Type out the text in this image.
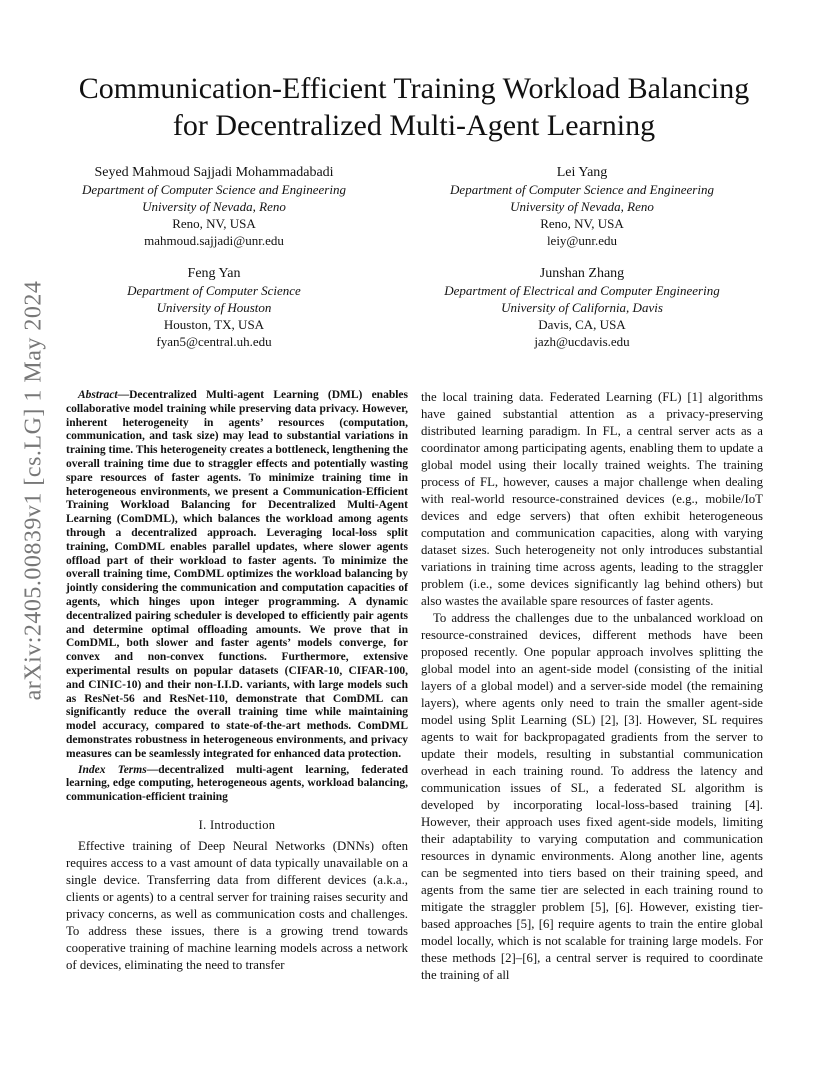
arXiv:2405.00839v1 [cs.LG] 1 May 2024
Communication-Efficient Training Workload Balancing for Decentralized Multi-Agent Learning
Seyed Mahmoud Sajjadi Mohammadabadi
Department of Computer Science and Engineering
University of Nevada, Reno
Reno, NV, USA
mahmoud.sajjadi@unr.edu
Lei Yang
Department of Computer Science and Engineering
University of Nevada, Reno
Reno, NV, USA
leiy@unr.edu
Feng Yan
Department of Computer Science
University of Houston
Houston, TX, USA
fyan5@central.uh.edu
Junshan Zhang
Department of Electrical and Computer Engineering
University of California, Davis
Davis, CA, USA
jazh@ucdavis.edu

Abstract—Decentralized Multi-agent Learning (DML) enables collaborative model training while preserving data privacy. However, inherent heterogeneity in agents’ resources (computation, communication, and task size) may lead to substantial variations in training time. This heterogeneity creates a bottleneck, lengthening the overall training time due to straggler effects and potentially wasting spare resources of faster agents. To minimize training time in heterogeneous environments, we present a Communication-Efficient Training Workload Balancing for Decentralized Multi-Agent Learning (ComDML), which balances the workload among agents through a decentralized approach. Leveraging local-loss split training, ComDML enables parallel updates, where slower agents offload part of their workload to faster agents. To minimize the overall training time, ComDML optimizes the workload balancing by jointly considering the communication and computation capacities of agents, which hinges upon integer programming. A dynamic decentralized pairing scheduler is developed to efficiently pair agents and determine optimal offloading amounts. We prove that in ComDML, both slower and faster agents’ models converge, for convex and non-convex functions. Furthermore, extensive experimental results on popular datasets (CIFAR-10, CIFAR-100, and CINIC-10) and their non-I.I.D. variants, with large models such as ResNet-56 and ResNet-110, demonstrate that ComDML can significantly reduce the overall training time while maintaining model accuracy, compared to state-of-the-art methods. ComDML demonstrates robustness in heterogeneous environments, and privacy measures can be seamlessly integrated for enhanced data protection.

Index Terms—decentralized multi-agent learning, federated learning, edge computing, heterogeneous agents, workload balancing, communication-efficient training

I. Introduction

Effective training of Deep Neural Networks (DNNs) often requires access to a vast amount of data typically unavailable on a single device. Transferring data from different devices (a.k.a., clients or agents) to a central server for training raises security and privacy concerns, as well as communication costs and challenges. To address these issues, there is a growing trend towards cooperative training of machine learning models across a network of devices, eliminating the need to transfer

the local training data. Federated Learning (FL) [1] algorithms have gained substantial attention as a privacy-preserving distributed learning paradigm. In FL, a central server acts as a coordinator among participating agents, enabling them to update a global model using their locally trained weights. The training process of FL, however, causes a major challenge when dealing with real-world resource-constrained devices (e.g., mobile/IoT devices and edge servers) that often exhibit heterogeneous computation and communication capacities, along with varying dataset sizes. Such heterogeneity not only introduces substantial variations in training time across agents, leading to the straggler problem (i.e., some devices significantly lag behind others) but also wastes the available spare resources of faster agents.

To address the challenges due to the unbalanced workload on resource-constrained devices, different methods have been proposed recently. One popular approach involves splitting the global model into an agent-side model (consisting of the initial layers of a global model) and a server-side model (the remaining layers), where agents only need to train the smaller agent-side model using Split Learning (SL) [2], [3]. However, SL requires agents to wait for backpropagated gradients from the server to update their models, resulting in substantial communication overhead in each training round. To address the latency and communication issues of SL, a federated SL algorithm is developed by incorporating local-loss-based training [4]. However, their approach uses fixed agent-side models, limiting their adaptability to varying computation and communication resources in dynamic environments. Along another line, agents can be segmented into tiers based on their training speed, and agents from the same tier are selected in each training round to mitigate the straggler problem [5], [6]. However, existing tier-based approaches [5], [6] require agents to train the entire global model locally, which is not scalable for training large models. For these methods [2]–[6], a central server is required to coordinate the training of all
